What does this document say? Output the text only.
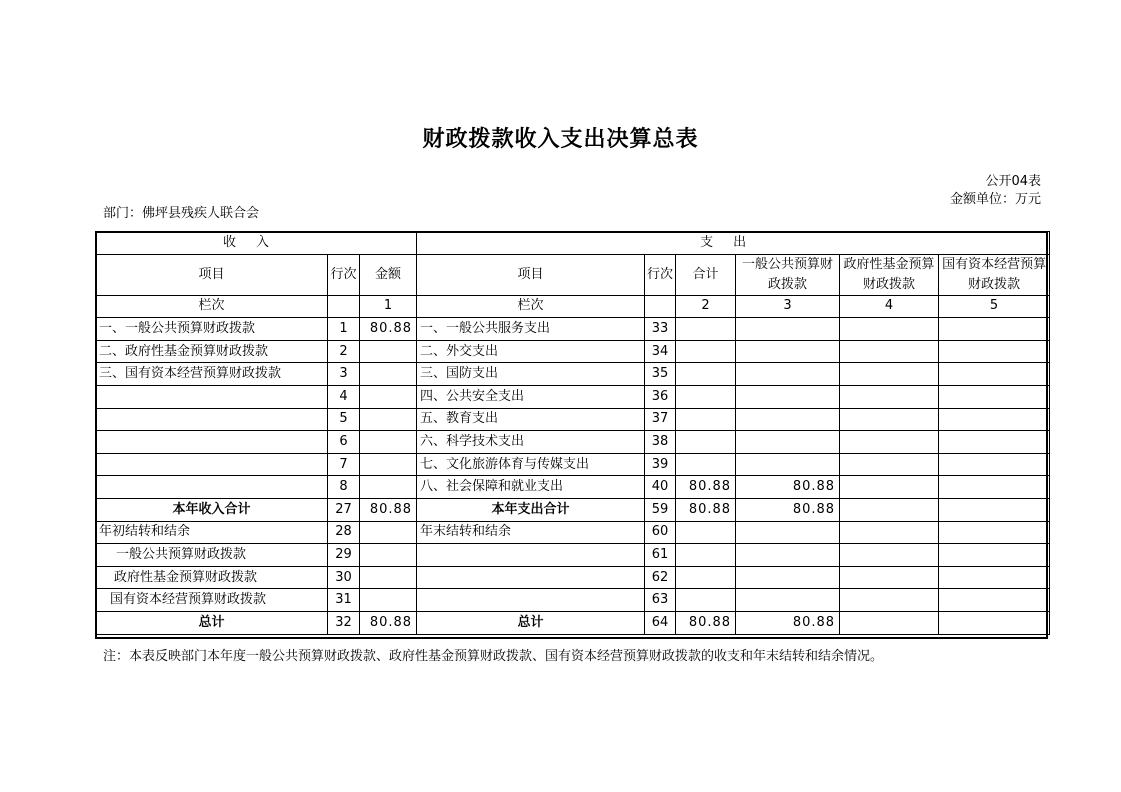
财政拨款收入支出决算总表
公开04表
金额单位：万元
部门：佛坪县残疾人联合会
收入			支出					
项目	行次	金额	项目	行次	合计	一般公共预算财政拨款	政府性基金预算财政拨款	国有资本经营预算财政拨款
栏次		1	栏次		2	3	4	5
一、一般公共预算财政拨款	1	80.88	一、一般公共服务支出	33				
二、政府性基金预算财政拨款	2		二、外交支出	34				
三、国有资本经营预算财政拨款	3		三、国防支出	35				
	4		四、公共安全支出	36				
	5		五、教育支出	37				
	6		六、科学技术支出	38				
	7		七、文化旅游体育与传媒支出	39				
	8		八、社会保障和就业支出	40	80.88	80.88		
本年收入合计	27	80.88	本年支出合计	59	80.88	80.88		
年初结转和结余	28		年末结转和结余	60				
一般公共预算财政拨款	29			61				
政府性基金预算财政拨款	30			62				
国有资本经营预算财政拨款	31			63				
总计	32	80.88	总计	64	80.88	80.88		
注：本表反映部门本年度一般公共预算财政拨款、政府性基金预算财政拨款、国有资本经营预算财政拨款的收支和年末结转和结余情况。
